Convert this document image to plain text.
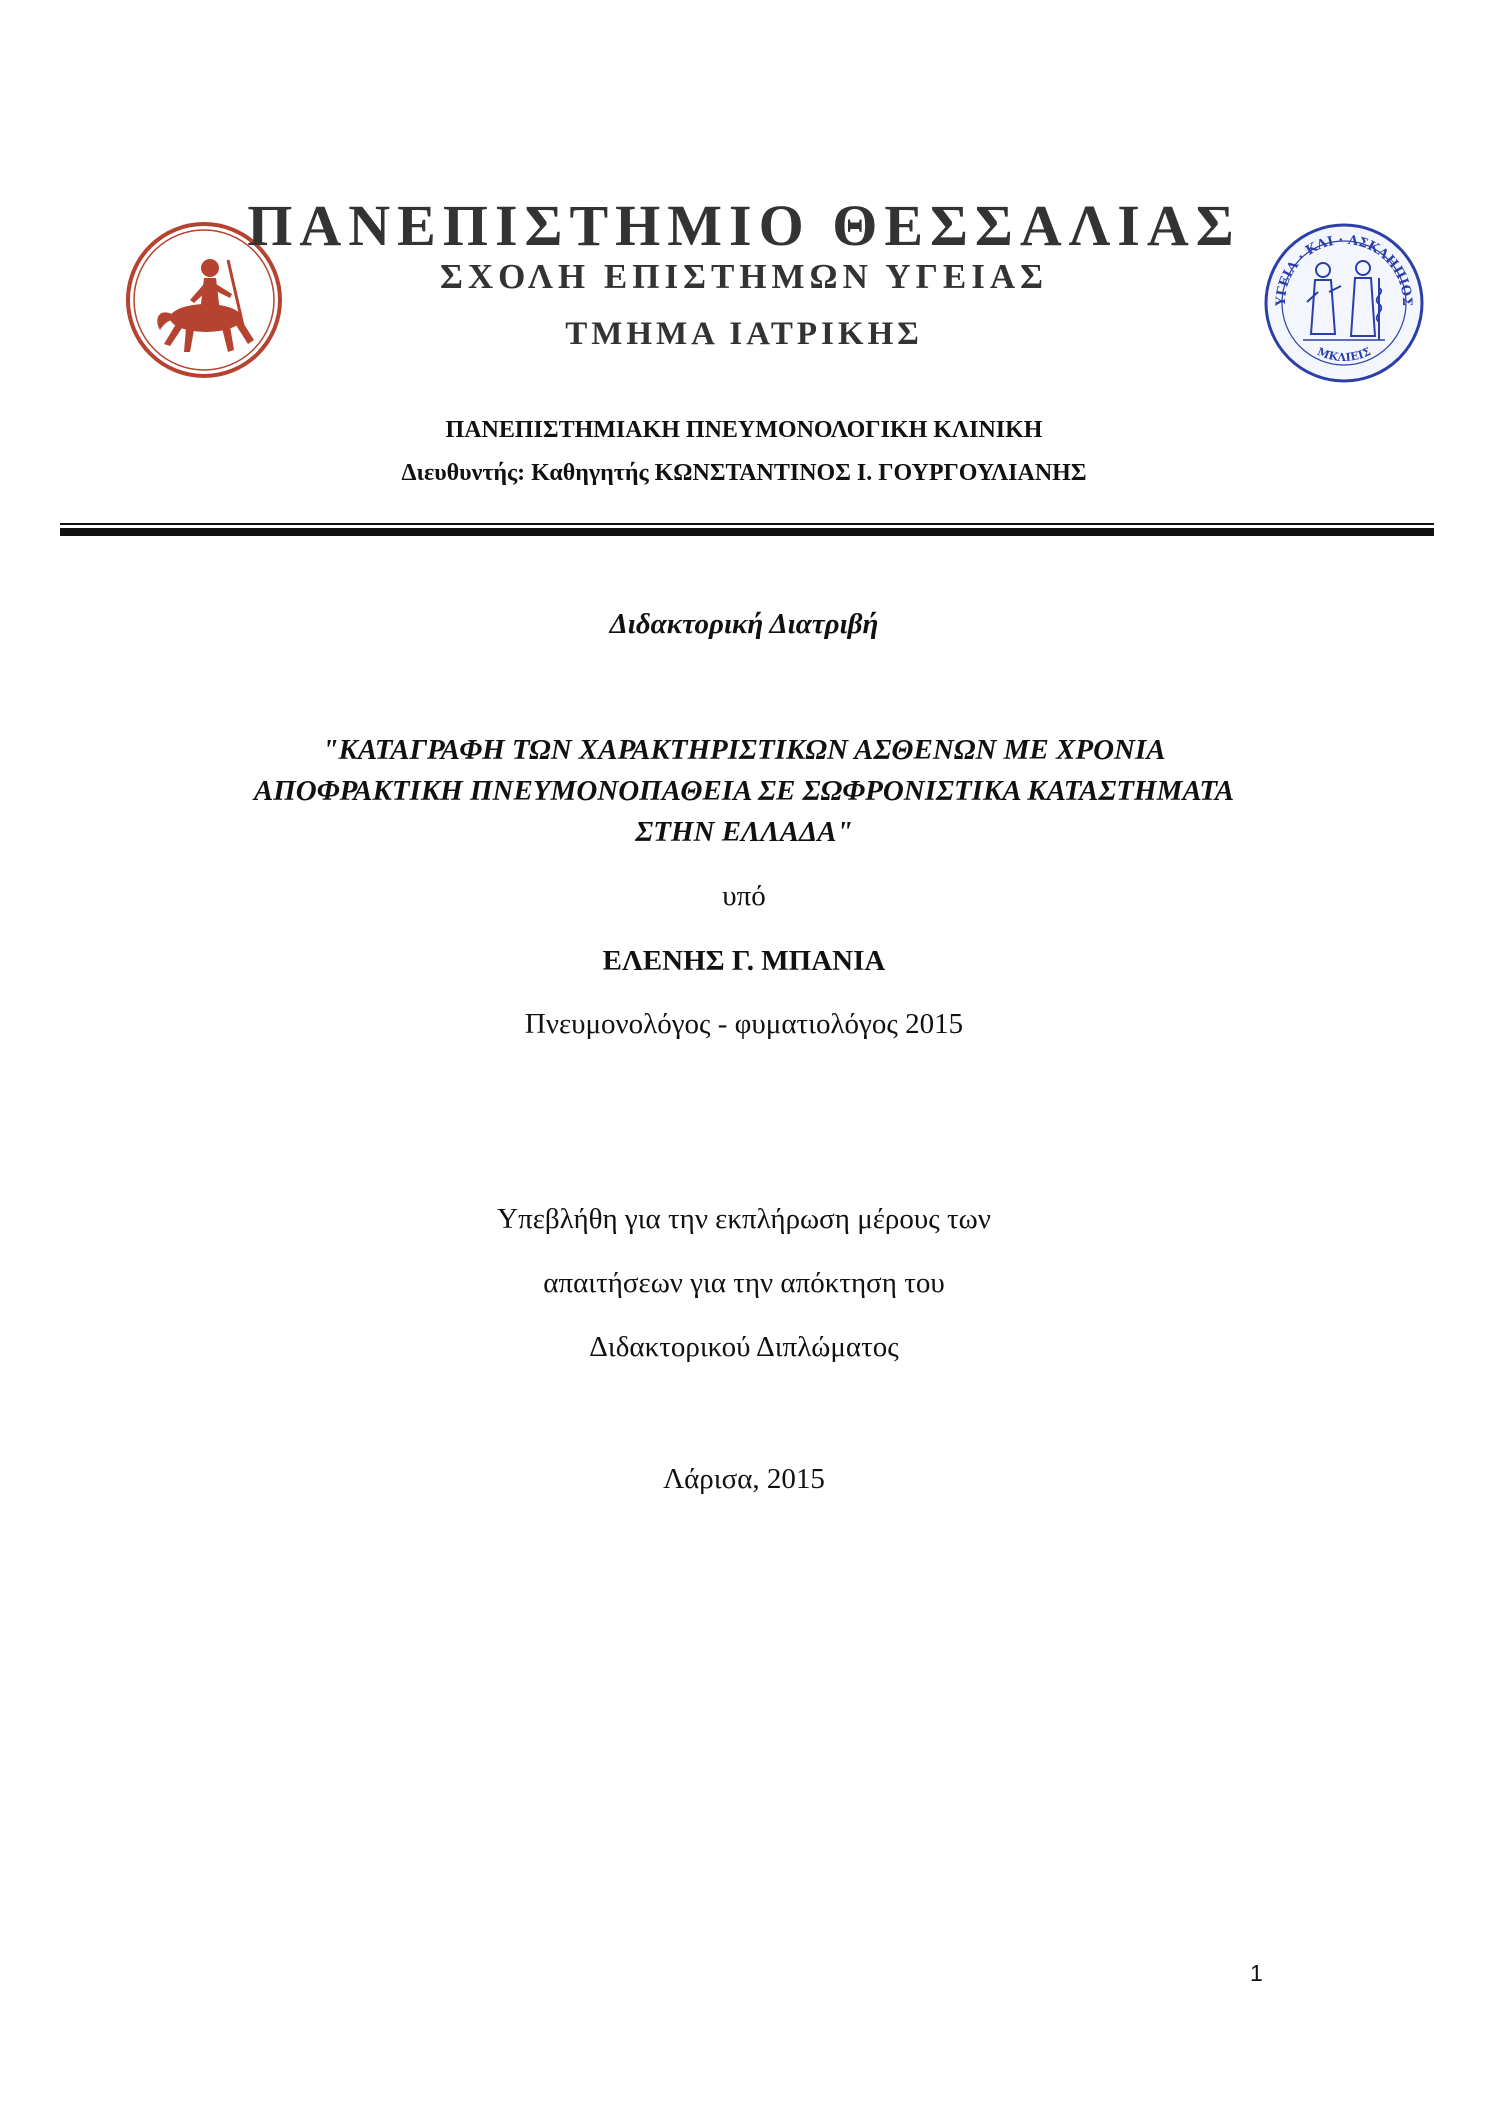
ΠΑΝΕΠΙΣΤΗΜΙΟ ΘΕΣΣΑΛΙΑΣ
ΣΧΟΛΗ ΕΠΙΣΤΗΜΩΝ ΥΓΕΙΑΣ
ΤΜΗΜΑ ΙΑΤΡΙΚΗΣ
ΥΓΕΙΑ · ΚΑΙ · ΑΣΚΛΗΠΙΟΣ
ΜΚΛΙΕΙΣ
ΠΑΝΕΠΙΣΤΗΜΙΑΚΗ ΠΝΕΥΜΟΝΟΛΟΓΙΚΗ ΚΛΙΝΙΚΗ
Διευθυντής: Καθηγητής ΚΩΝΣΤΑΝΤΙΝΟΣ Ι. ΓΟΥΡΓΟΥΛΙΑΝΗΣ
Διδακτορική Διατριβή
"ΚΑΤΑΓΡΑΦΗ ΤΩΝ ΧΑΡΑΚΤΗΡΙΣΤΙΚΩΝ ΑΣΘΕΝΩΝ ΜΕ ΧΡΟΝΙΑ
ΑΠΟΦΡΑΚΤΙΚΗ ΠΝΕΥΜΟΝΟΠΑΘΕΙΑ ΣΕ ΣΩΦΡΟΝΙΣΤΙΚΑ ΚΑΤΑΣΤΗΜΑΤΑ
ΣΤΗΝ ΕΛΛΑΔΑ"
υπό
ΕΛΕΝΗΣ Γ. ΜΠΑΝΙΑ
Πνευμονολόγος - φυματιολόγος 2015
Υπεβλήθη για την εκπλήρωση μέρους των
απαιτήσεων για την απόκτηση του
Διδακτορικού Διπλώματος
Λάρισα, 2015
1
